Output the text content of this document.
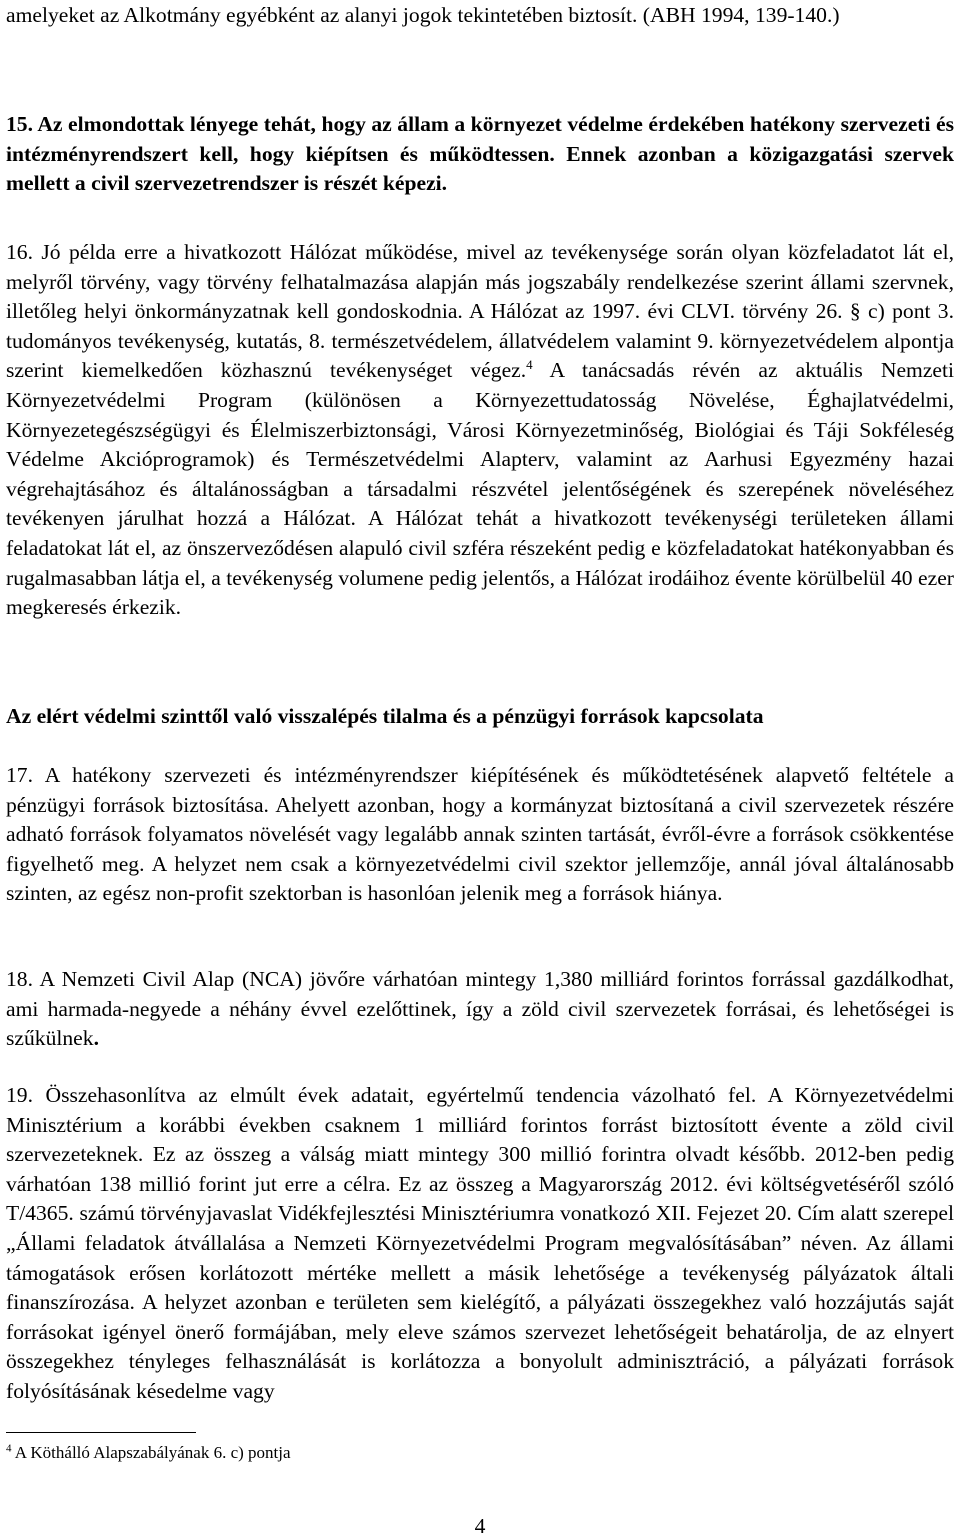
amelyeket az Alkotmány egyébként az alanyi jogok tekintetében biztosít. (ABH 1994, 139-140.)

15. Az elmondottak lényege tehát, hogy az állam a környezet védelme érdekében hatékony szervezeti és intézményrendszert kell, hogy kiépítsen és működtessen. Ennek azonban a közigazgatási szervek mellett a civil szervezetrendszer is részét képezi.

16. Jó példa erre a hivatkozott Hálózat működése, mivel az tevékenysége során olyan közfeladatot lát el, melyről törvény, vagy törvény felhatalmazása alapján más jogszabály rendelkezése szerint állami szervnek, illetőleg helyi önkormányzatnak kell gondoskodnia. A Hálózat az 1997. évi CLVI. törvény 26. § c) pont 3. tudományos tevékenység, kutatás, 8. természetvédelem, állatvédelem valamint 9. környezetvédelem alpontja szerint kiemelkedően közhasznú tevékenységet végez.$^4$ A tanácsadás révén az aktuális Nemzeti Környezetvédelmi Program (különösen a Környezettudatosság Növelése, Éghajlatvédelmi, Környezetegészségügyi és Élelmiszerbiztonsági, Városi Környezetminőség, Biológiai és Táji Sokféleség Védelme Akcióprogramok) és Természetvédelmi Alapterv, valamint az Aarhusi Egyezmény hazai végrehajtásához és általánosságban a társadalmi részvétel jelentőségének és szerepének növeléséhez tevékenyen járulhat hozzá a Hálózat. A Hálózat tehát a hivatkozott tevékenységi területeken állami feladatokat lát el, az önszerveződésen alapuló civil szféra részeként pedig e közfeladatokat hatékonyabban és rugalmasabban látja el, a tevékenység volumene pedig jelentős, a Hálózat irodáihoz évente körülbelül 40 ezer megkeresés érkezik.

Az elért védelmi szinttől való visszalépés tilalma és a pénzügyi források kapcsolata

17. A hatékony szervezeti és intézményrendszer kiépítésének és működtetésének alapvető feltétele a pénzügyi források biztosítása. Ahelyett azonban, hogy a kormányzat biztosítaná a civil szervezetek részére adható források folyamatos növelését vagy legalább annak szinten tartását, évről-évre a források csökkentése figyelhető meg. A helyzet nem csak a környezetvédelmi civil szektor jellemzője, annál jóval általánosabb szinten, az egész non-profit szektorban is hasonlóan jelenik meg a források hiánya.

18. A Nemzeti Civil Alap (NCA) jövőre várhatóan mintegy 1,380 milliárd forintos forrással gazdálkodhat, ami harmada-negyede a néhány évvel ezelőttinek, így a zöld civil szervezetek forrásai, és lehetőségei is szűkülnek.

19. Összehasonlítva az elmúlt évek adatait, egyértelmű tendencia vázolható fel. A Környezetvédelmi Minisztérium a korábbi években csaknem 1 milliárd forintos forrást biztosított évente a zöld civil szervezeteknek. Ez az összeg a válság miatt mintegy 300 millió forintra olvadt később. 2012-ben pedig várhatóan 138 millió forint jut erre a célra. Ez az összeg a Magyarország 2012. évi költségvetéséről szóló T/4365. számú törvényjavaslat Vidékfejlesztési Minisztériumra vonatkozó XII. Fejezet 20. Cím alatt szerepel „Állami feladatok átvállalása a Nemzeti Környezetvédelmi Program megvalósításában” néven. Az állami támogatások erősen korlátozott mértéke mellett a másik lehetősége a tevékenység pályázatok általi finanszírozása. A helyzet azonban e területen sem kielégítő, a pályázati összegekhez való hozzájutás saját forrásokat igényel önerő formájában, mely eleve számos szervezet lehetőségeit behatárolja, de az elnyert összegekhez tényleges felhasználását is korlátozza a bonyolult adminisztráció, a pályázati források folyósításának késedelme vagy

$^4$ A Köthálló Alapszabályának 6. c) pontja
4
